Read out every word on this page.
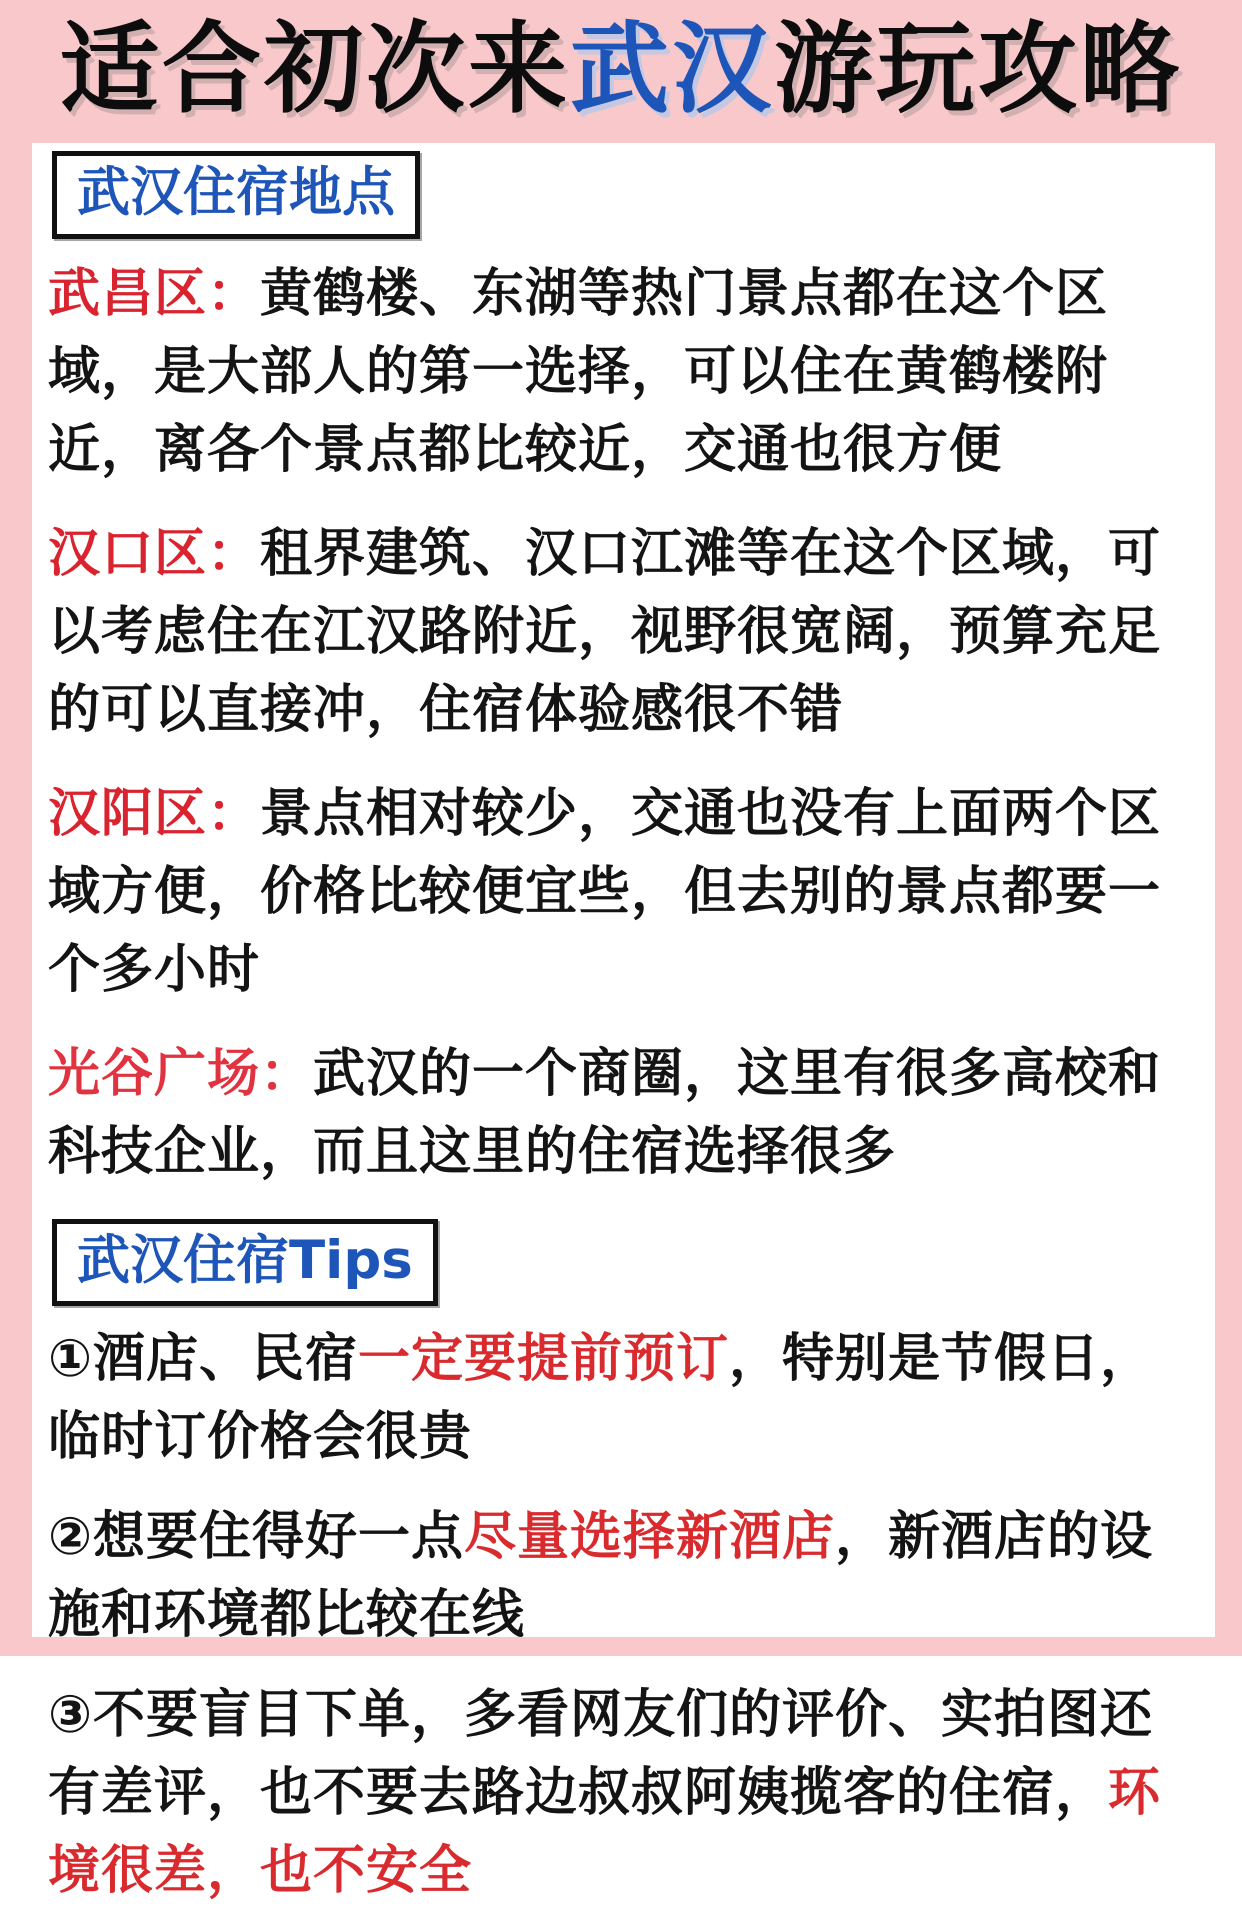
适合初次来武汉游玩攻略
武汉住宿地点

武昌区：黄鹤楼、东湖等热门景点都在这个区域，是大部人的第一选择，可以住在黄鹤楼附近，离各个景点都比较近，交通也很方便

汉口区：租界建筑、汉口江滩等在这个区域，可以考虑住在江汉路附近，视野很宽阔，预算充足的可以直接冲，住宿体验感很不错

汉阳区：景点相对较少，交通也没有上面两个区域方便，价格比较便宜些，但去别的景点都要一个多小时

光谷广场：武汉的一个商圈，这里有很多高校和科技企业，而且这里的住宿选择很多

武汉住宿Tips

①酒店、民宿一定要提前预订，特别是节假日，临时订价格会很贵

②想要住得好一点尽量选择新酒店，新酒店的设施和环境都比较在线

③不要盲目下单，多看网友们的评价、实拍图还有差评，也不要去路边叔叔阿姨揽客的住宿，环境很差，也不安全
